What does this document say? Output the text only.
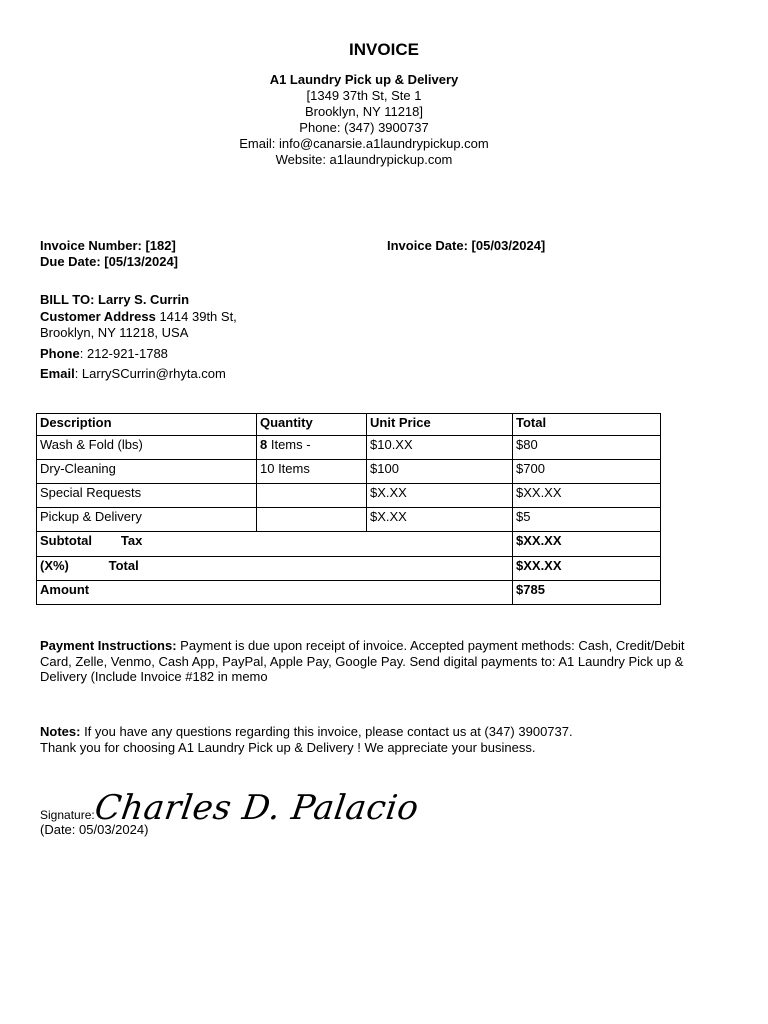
INVOICE
A1 Laundry Pick up & Delivery
[1349 37th St, Ste 1
Brooklyn, NY 11218]
Phone: (347) 3900737
Email: info@canarsie.a1laundrypickup.com
Website: a1laundrypickup.com
Invoice Number: [182]
Due Date: [05/13/2024]
Invoice Date: [05/03/2024]
BILL TO: Larry S. Currin
Customer Address 1414 39th St,
Brooklyn, NY 11218, USA
Phone: 212-921-1788
Email: LarrySCurrin@rhyta.com
Description	Quantity	Unit Price	Total
Wash & Fold (lbs)	8 Items -	$10.XX	$80
Dry-Cleaning	10 Items	$100	$700
Special Requests		$X.XX	$XX.XX
Pickup & Delivery		$X.XX	$5
Subtotal        Tax			$XX.XX
(X%)           Total			$XX.XX
Amount			$785
Payment Instructions: Payment is due upon receipt of invoice. Accepted payment methods: Cash, Credit/Debit Card, Zelle, Venmo, Cash App, PayPal, Apple Pay, Google Pay. Send digital payments to: A1 Laundry Pick up & Delivery (Include Invoice #182 in memo
Notes: If you have any questions regarding this invoice, please contact us at (347) 3900737.
Thank you for choosing A1 Laundry Pick up & Delivery ! We appreciate your business.
Signature:Charles D. Palacio
(Date: 05/03/2024)
